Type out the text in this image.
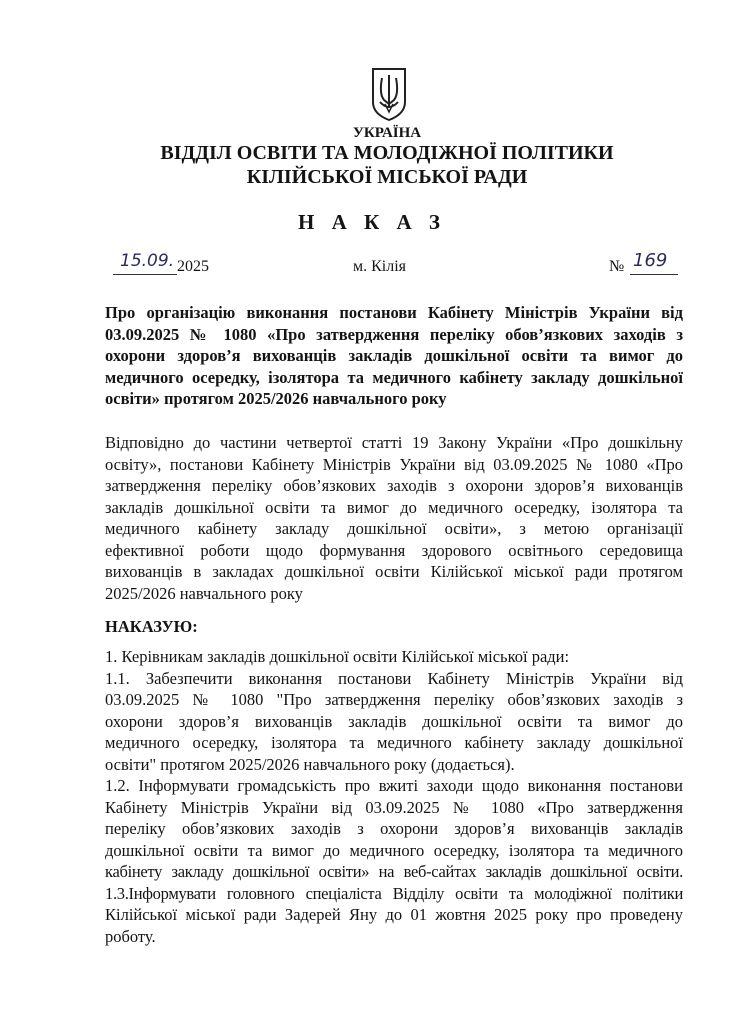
УКРАЇНА
ВІДДІЛ ОСВІТИ ТА МОЛОДІЖНОЇ ПОЛІТИКИ
КІЛІЙСЬКОЇ МІСЬКОЇ РАДИ
Н А К А З
15.09. 2025	м. Кілія	№ 169
Про організацію виконання постанови Кабінету Міністрів України від
03.09.2025 № 1080 «Про затвердження переліку обов’язкових заходів з
охорони здоров’я вихованців закладів дошкільної освіти та вимог до
медичного осередку, ізолятора та медичного кабінету закладу дошкільної
освіти» протягом 2025/2026 навчального року
Відповідно до частини четвертої статті 19 Закону України «Про дошкільну
освіту», постанови Кабінету Міністрів України від 03.09.2025 № 1080 «Про
затвердження переліку обов’язкових заходів з охорони здоров’я вихованців
закладів дошкільної освіти та вимог до медичного осередку, ізолятора та
медичного кабінету закладу дошкільної освіти», з метою організації
ефективної роботи щодо формування здорового освітнього середовища
вихованців в закладах дошкільної освіти Кілійської міської ради протягом
2025/2026 навчального року
НАКАЗУЮ:
1. Керівникам закладів дошкільної освіти Кілійської міської ради:
1.1. Забезпечити виконання постанови Кабінету Міністрів України від
03.09.2025 № 1080 "Про затвердження переліку обов’язкових заходів з
охорони здоров’я вихованців закладів дошкільної освіти та вимог до
медичного осередку, ізолятора та медичного кабінету закладу дошкільної
освіти" протягом 2025/2026 навчального року (додається).
1.2. Інформувати громадськість про вжиті заходи щодо виконання постанови
Кабінету Міністрів України від 03.09.2025 № 1080 «Про затвердження
переліку обов’язкових заходів з охорони здоров’я вихованців закладів
дошкільної освіти та вимог до медичного осередку, ізолятора та медичного
кабінету закладу дошкільної освіти» на веб-сайтах закладів дошкільної освіти.
1.3.Інформувати головного спеціаліста Відділу освіти та молодіжної політики
Кілійської міської ради Задерей Яну до 01 жовтня 2025 року про проведену
роботу.
